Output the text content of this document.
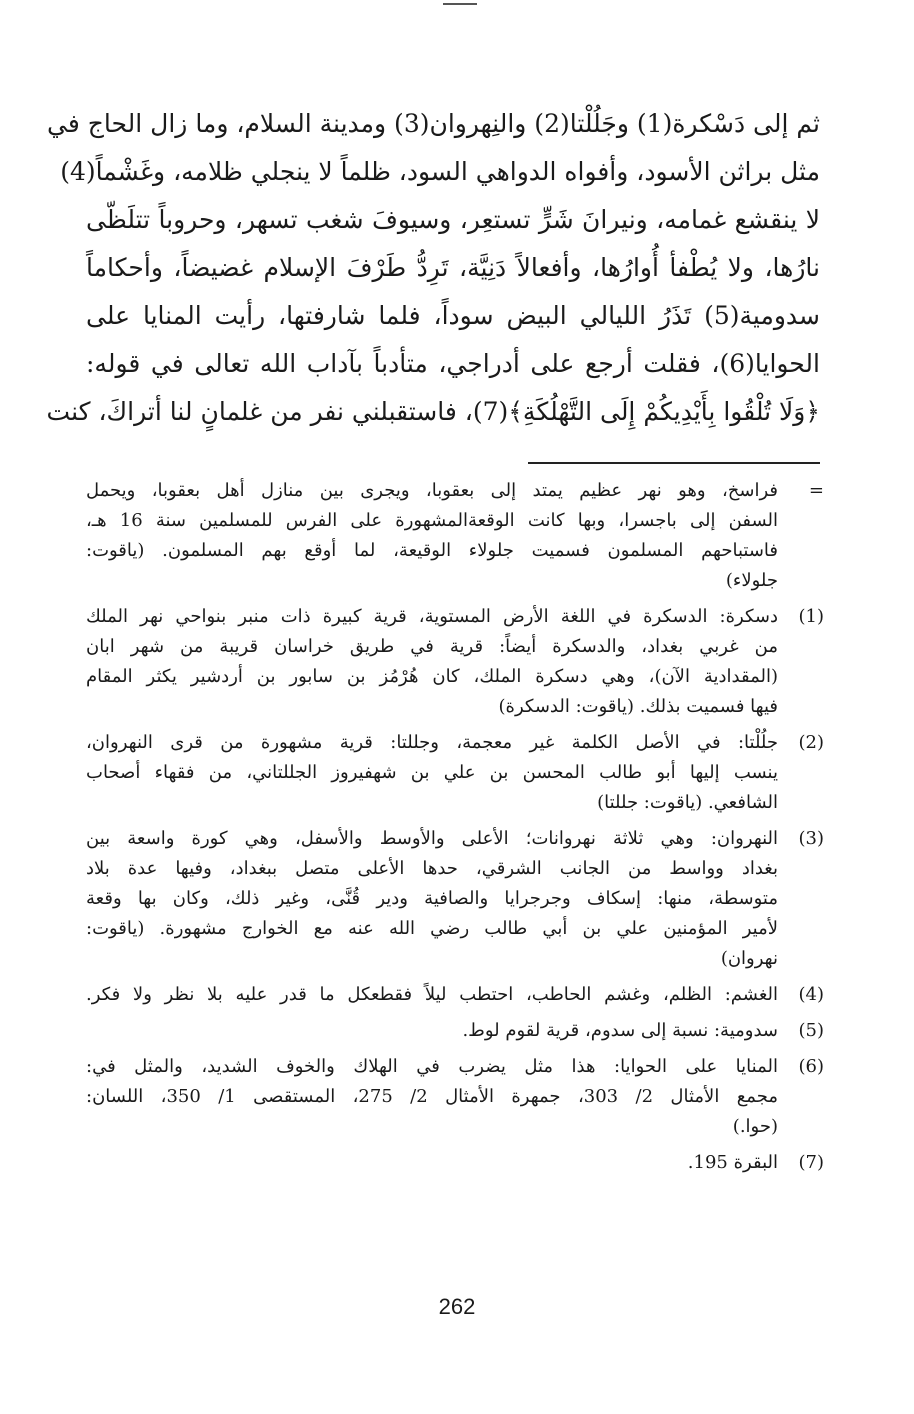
ثم إلى دَسْكرة(1) وجَلُلْتا(2) والنِهروان(3) ومدينة السلام، وما زال الحاج في
مثل براثن الأسود، وأفواه الدواهي السود، ظلماً لا ينجلي ظلامه، وغَشْماً(4)
لا ينقشع غمامه، ونيرانَ شَرٍّ تستعِر، وسيوفَ شغب تسهر، وحروباً تتلَظّى
نارُها، ولا يُطْفأ أُوارُها، وأفعالاً دَنِيَّة، تَرِدُّ طَرْفَ الإسلام غضيضاً، وأحكاماً
سدومية(5) تَذَرُ الليالي البيض سوداً، فلما شارفتها، رأيت المنايا على
الحوايا(6)، فقلت أرجع على أدراجي، متأدباً بآداب الله تعالى في قوله:
﴿وَلَا تُلْقُوا بِأَيْدِيكُمْ إِلَى التَّهْلُكَةِ﴾(7)، فاستقبلني نفر من غلمانٍ لنا أتراكَ، كنت
=
فراسخ، وهو نهر عظيم يمتد إلى بعقوبا، ويجرى بين منازل أهل بعقوبا، ويحمل
السفن إلى باجسرا، وبها كانت الوقعةالمشهورة على الفرس للمسلمين سنة 16 هـ،
فاستباحهم المسلمون فسميت جلولاء الوقيعة، لما أوقع بهم المسلمون. (ياقوت:
جلولاء)
(1)
دسكرة: الدسكرة في اللغة الأرض المستوية، قرية كبيرة ذات منبر بنواحي نهر الملك
من غربي بغداد، والدسكرة أيضاً: قرية في طريق خراسان قريبة من شهر ابان
(المقدادية الآن)، وهي دسكرة الملك، كان هُرْمُز بن سابور بن أردشير يكثر المقام
فيها فسميت بذلك. (ياقوت: الدسكرة)
(2)
جلُلْتا: في الأصل الكلمة غير معجمة، وجللتا: قرية مشهورة من قرى النهروان،
ينسب إليها أبو طالب المحسن بن علي بن شهفيروز الجللتاني، من فقهاء أصحاب
الشافعي. (ياقوت: جللتا)
(3)
النهروان: وهي ثلاثة نهروانات؛ الأعلى والأوسط والأسفل، وهي كورة واسعة بين
بغداد وواسط من الجانب الشرقي، حدها الأعلى متصل ببغداد، وفيها عدة بلاد
متوسطة، منها: إسكاف وجرجرايا والصافية ودير قُنَّى، وغير ذلك، وكان بها وقعة
لأمير المؤمنين علي بن أبي طالب رضي الله عنه مع الخوارج مشهورة. (ياقوت:
نهروان)
(4)
الغشم: الظلم، وغشم الحاطب، احتطب ليلاً فقطعكل ما قدر عليه بلا نظر ولا فكر.
(5)
سدومية: نسبة إلى سدوم، قرية لقوم لوط.
(6)
المنايا على الحوايا: هذا مثل يضرب في الهلاك والخوف الشديد، والمثل في:
مجمع الأمثال 2/ 303، جمهرة الأمثال 2/ 275، المستقصى 1/ 350، اللسان:
(حوا.)
(7)
البقرة 195.
262
